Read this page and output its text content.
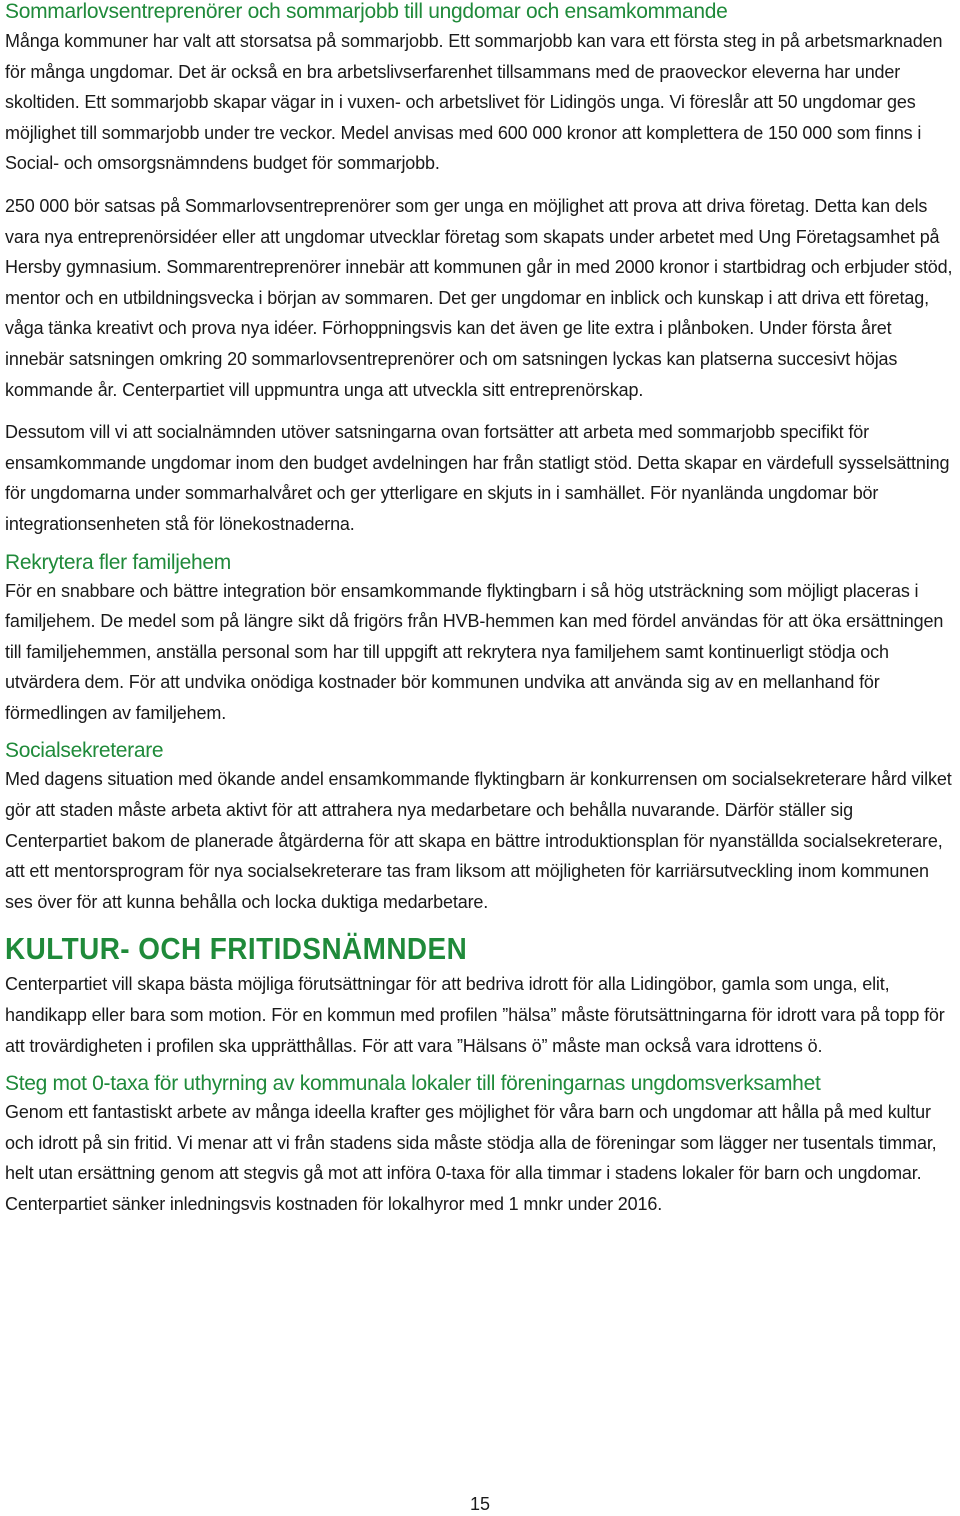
Sommarlovsentreprenörer och sommarjobb till ungdomar och ensamkommande

Många kommuner har valt att storsatsa på sommarjobb. Ett sommarjobb kan vara ett första steg in på arbetsmarknaden för många ungdomar. Det är också en bra arbetslivserfarenhet tillsammans med de praoveckor eleverna har under skoltiden. Ett sommarjobb skapar vägar in i vuxen- och arbetslivet för Lidingös unga. Vi föreslår att 50 ungdomar ges möjlighet till sommarjobb under tre veckor. Medel anvisas med 600 000 kronor att komplettera de 150 000 som finns i Social- och omsorgsnämndens budget för sommarjobb.

250 000 bör satsas på Sommarlovsentreprenörer som ger unga en möjlighet att prova att driva företag. Detta kan dels vara nya entreprenörsidéer eller att ungdomar utvecklar företag som skapats under arbetet med Ung Företagsamhet på Hersby gymnasium. Sommarentreprenörer innebär att kommunen går in med 2000 kronor i startbidrag och erbjuder stöd, mentor och en utbildningsvecka i början av sommaren. Det ger ungdomar en inblick och kunskap i att driva ett företag, våga tänka kreativt och prova nya idéer. Förhoppningsvis kan det även ge lite extra i plånboken. Under första året innebär satsningen omkring 20 sommarlovsentreprenörer och om satsningen lyckas kan platserna succesivt höjas kommande år. Centerpartiet vill uppmuntra unga att utveckla sitt entreprenörskap.

Dessutom vill vi att socialnämnden utöver satsningarna ovan fortsätter att arbeta med sommarjobb specifikt för ensamkommande ungdomar inom den budget avdelningen har från statligt stöd. Detta skapar en värdefull sysselsättning för ungdomarna under sommarhalvåret och ger ytterligare en skjuts in i samhället. För nyanlända ungdomar bör integrationsenheten stå för lönekostnaderna.

Rekrytera fler familjehem

För en snabbare och bättre integration bör ensamkommande flyktingbarn i så hög utsträckning som möjligt placeras i familjehem. De medel som på längre sikt då frigörs från HVB-hemmen kan med fördel användas för att öka ersättningen till familjehemmen, anställa personal som har till uppgift att rekrytera nya familjehem samt kontinuerligt stödja och utvärdera dem. För att undvika onödiga kostnader bör kommunen undvika att använda sig av en mellanhand för förmedlingen av familjehem.

Socialsekreterare

Med dagens situation med ökande andel ensamkommande flyktingbarn är konkurrensen om socialsekreterare hård vilket gör att staden måste arbeta aktivt för att attrahera nya medarbetare och behålla nuvarande. Därför ställer sig Centerpartiet bakom de planerade åtgärderna för att skapa en bättre introduktionsplan för nyanställda socialsekreterare, att ett mentorsprogram för nya socialsekreterare tas fram liksom att möjligheten för karriärsutveckling inom kommunen ses över för att kunna behålla och locka duktiga medarbetare.

KULTUR- OCH FRITIDSNÄMNDEN

Centerpartiet vill skapa bästa möjliga förutsättningar för att bedriva idrott för alla Lidingöbor, gamla som unga, elit, handikapp eller bara som motion. För en kommun med profilen ”hälsa” måste förutsättningarna för idrott vara på topp för att trovärdigheten i profilen ska upprätthållas. För att vara ”Hälsans ö” måste man också vara idrottens ö.

Steg mot 0-taxa för uthyrning av kommunala lokaler till föreningarnas ungdomsverksamhet

Genom ett fantastiskt arbete av många ideella krafter ges möjlighet för våra barn och ungdomar att hålla på med kultur och idrott på sin fritid. Vi menar att vi från stadens sida måste stödja alla de föreningar som lägger ner tusentals timmar, helt utan ersättning genom att stegvis gå mot att införa 0-taxa för alla timmar i stadens lokaler för barn och ungdomar. Centerpartiet sänker inledningsvis kostnaden för lokalhyror med 1 mnkr under 2016.

15
